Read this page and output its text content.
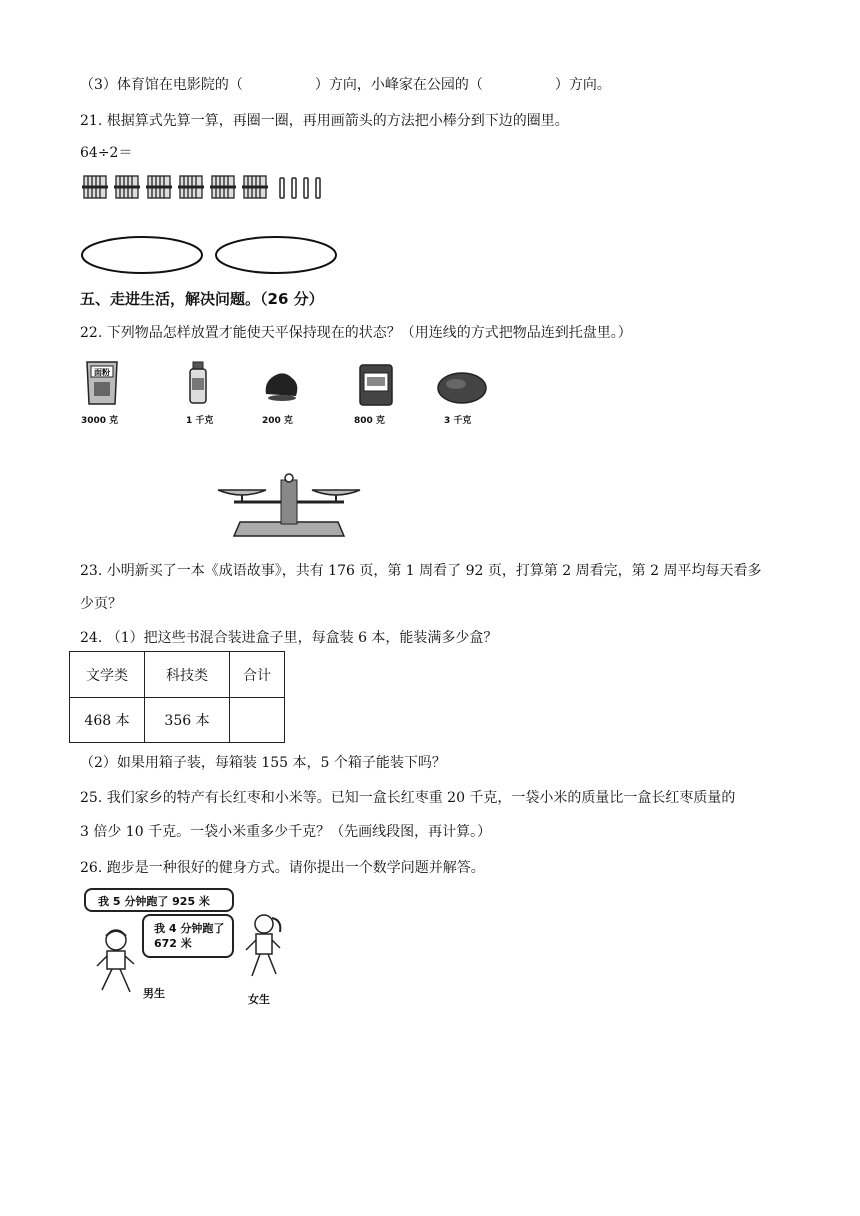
（3）体育馆在电影院的（	）方向，小峰家在公园的（	）方向。
21. 根据算式先算一算，再圈一圈，再用画箭头的方法把小棒分到下边的圈里。
64÷2＝
五、走进生活，解决问题。（26 分）
22. 下列物品怎样放置才能使天平保持现在的状态？（用连线的方式把物品连到托盘里。）
面粉
3000 克	1 千克	200 克	800 克	3 千克
23. 小明新买了一本《成语故事》，共有 176 页，第 1 周看了 92 页，打算第 2 周看完，第 2 周平均每天看多
少页？
24. （1）把这些书混合装进盒子里，每盒装 6 本，能装满多少盒？
文学类	科技类	合计
468 本	356 本	
（2）如果用箱子装，每箱装 155 本，5 个箱子能装下吗？
25. 我们家乡的特产有长红枣和小米等。已知一盒长红枣重 20 千克，一袋小米的质量比一盒长红枣质量的
3 倍少 10 千克。一袋小米重多少千克？（先画线段图，再计算。）
26. 跑步是一种很好的健身方式。请你提出一个数学问题并解答。
我 5 分钟跑了 925 米
我 4 分钟跑了
672 米
男生	女生
